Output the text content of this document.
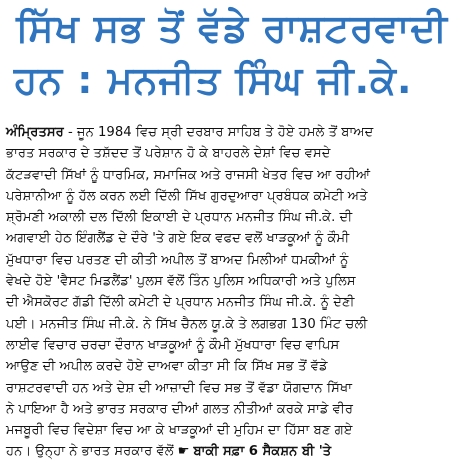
ਸਿੱਖ ਸਭ ਤੋਂ ਵੱਡੇ ਰਾਸ਼ਟਰਵਾਦੀ
ਹਨ : ਮਨਜੀਤ ਸਿੰਘ ਜੀ.ਕੇ.
ਅੰਮ੍ਰਿਤਸਰ - ਜੂਨ 1984 ਵਿਚ ਸ੍ਰੀ ਦਰਬਾਰ ਸਾਹਿਬ ਤੇ ਹੋਏ ਹਮਲੇ ਤੋਂ ਬਾਅਦ
ਭਾਰਤ ਸਰਕਾਰ ਦੇ ਤਸ਼ੱਦਦ ਤੋਂ ਪਰੇਸ਼ਾਨ ਹੋ ਕੇ ਬਾਹਰਲੇ ਦੇਸ਼ਾਂ ਵਿਚ ਵਸਦੇ
ਕੱਟੜਵਾਦੀ ਸਿੱਖਾਂ ਨੂੰ ਧਾਰਮਿਕ, ਸਮਾਜਿਕ ਅਤੇ ਰਾਜਸੀ ਖੇਤਰ ਵਿਚ ਆ ਰਹੀਆਂ
ਪਰੇਸ਼ਾਨੀਆ ਨੂੰ ਹੱਲ ਕਰਨ ਲਈ ਦਿੱਲੀ ਸਿੱਖ ਗੁਰਦੁਆਰਾ ਪ੍ਰਬੰਧਕ ਕਮੇਟੀ ਅਤੇ
ਸ਼੍ਰੋਮਣੀ ਅਕਾਲੀ ਦਲ ਦਿੱਲੀ ਇਕਾਈ ਦੇ ਪ੍ਰਧਾਨ ਮਨਜੀਤ ਸਿੰਘ ਜੀ.ਕੇ. ਦੀ
ਅਗਵਾਈ ਹੇਠ ਇੰਗਲੈਂਡ ਦੇ ਦੌਰੇ 'ਤੇ ਗਏ ਇਕ ਵਫਦ ਵਲੋਂ ਖਾੜਕੂਆਂ ਨੂੰ ਕੌਮੀ
ਮੁੱਖਧਾਰਾ ਵਿਚ ਪਰਤਣ ਦੀ ਕੀਤੀ ਅਪੀਲ ਤੋਂ ਬਾਅਦ ਮਿਲੀਆਂ ਧਮਕੀਆਂ ਨੂੰ
ਵੇਖਦੇ ਹੋਏ 'ਵੈਸਟ ਮਿਡਲੈਂਡ' ਪੁਲਸ ਵੱਲੋਂ ਤਿੰਨ ਪੁਲਿਸ ਅਧਿਕਾਰੀ ਅਤੇ ਪੁਲਿਸ
ਦੀ ਐਸਕੋਰਟ ਗੱਡੀ ਦਿੱਲੀ ਕਮੇਟੀ ਦੇ ਪ੍ਰਧਾਨ ਮਨਜੀਤ ਸਿੰਘ ਜੀ.ਕੇ. ਨੂੰ ਦੇਣੀ
ਪਈ। ਮਨਜੀਤ ਸਿੰਘ ਜੀ.ਕੇ. ਨੇ ਸਿੱਖ ਚੈਨਲ ਯੂ.ਕੇ ਤੇ ਲਗਭਗ 130 ਮਿੰਟ ਚਲੀ
ਲਾਈਵ ਵਿਚਾਰ ਚਰਚਾ ਦੌਰਾਨ ਖਾੜਕੂਆਂ ਨੂੰ ਕੌਮੀ ਮੁੱਖਧਾਰਾ ਵਿਚ ਵਾਪਿਸ
ਆਉਣ ਦੀ ਅਪੀਲ ਕਰਦੇ ਹੋਏ ਦਾਅਵਾ ਕੀਤਾ ਸੀ ਕਿ ਸਿੱਖ ਸਭ ਤੋਂ ਵੱਡੇ
ਰਾਸ਼ਟਰਵਾਦੀ ਹਨ ਅਤੇ ਦੇਸ਼ ਦੀ ਆਜ਼ਾਦੀ ਵਿਚ ਸਭ ਤੋਂ ਵੱਡਾ ਯੋਗਦਾਨ ਸਿੱਖਾ
ਨੇ ਪਾਇਆ ਹੈ ਅਤੇ ਭਾਰਤ ਸਰਕਾਰ ਦੀਆਂ ਗਲਤ ਨੀਤੀਆਂ ਕਰਕੇ ਸਾਡੇ ਵੀਰ
ਮਜਬੂਰੀ ਵਿਚ ਵਿਦੇਸ਼ਾ ਵਿਚ ਆ ਕੇ ਖਾੜਕੂਆਂ ਦੀ ਮੁਹਿਮ ਦਾ ਹਿੱਸਾ ਬਣ ਗਏ
ਹਨ। ਉਨ੍ਹਾ ਨੇ ਭਾਰਤ ਸਰਕਾਰ ਵੱਲੋਂ ☛ ਬਾਕੀ ਸਫ਼ਾ 6 ਸੈਕਸ਼ਨ ਬੀ 'ਤੇ
